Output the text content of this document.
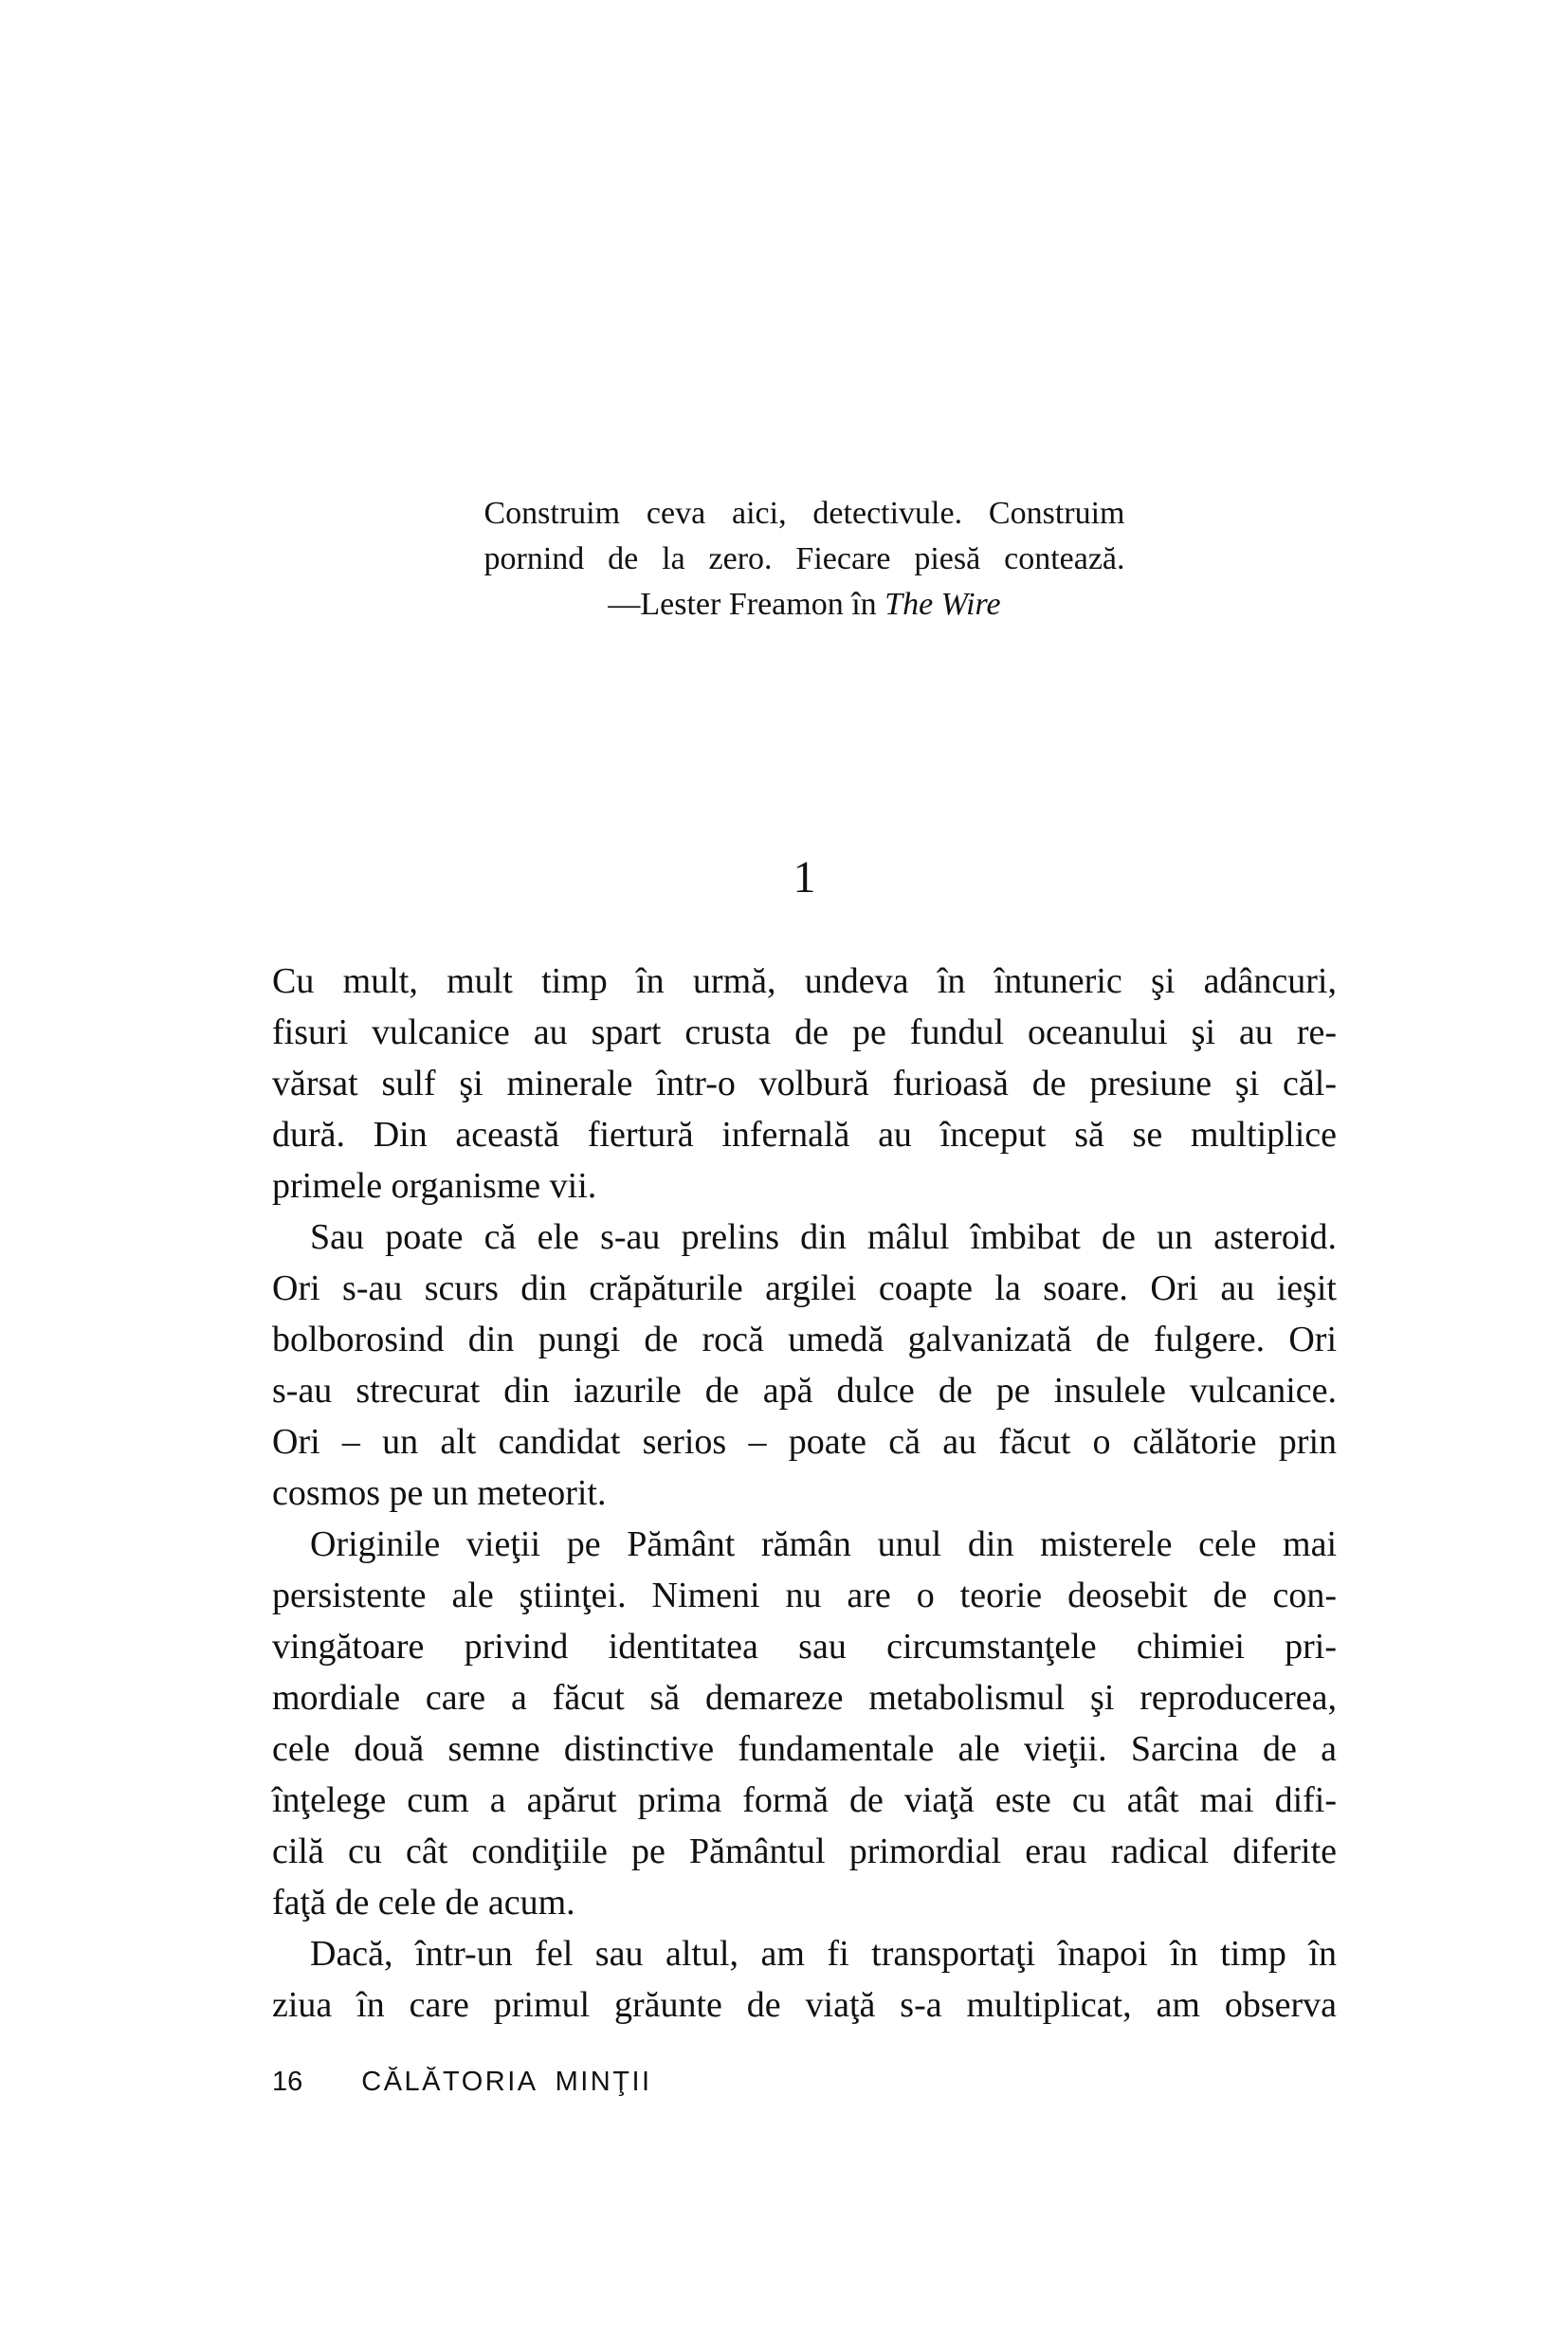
Construim ceva aici, detectivule. Construim
pornind de la zero. Fiecare piesă contează.
—Lester Freamon în The Wire
1
Cu mult, mult timp în urmă, undeva în întuneric şi adâncuri,
fisuri vulcanice au spart crusta de pe fundul oceanului şi au re-
vărsat sulf şi minerale într-o volbură furioasă de presiune şi căl-
dură. Din această fiertură infernală au început să se multiplice
primele organisme vii.
Sau poate că ele s-au prelins din mâlul îmbibat de un asteroid.
Ori s-au scurs din crăpăturile argilei coapte la soare. Ori au ieşit
bolborosind din pungi de rocă umedă galvanizată de fulgere. Ori
s-au strecurat din iazurile de apă dulce de pe insulele vulcanice.
Ori – un alt candidat serios – poate că au făcut o călătorie prin
cosmos pe un meteorit.
Originile vieţii pe Pământ rămân unul din misterele cele mai
persistente ale ştiinţei. Nimeni nu are o teorie deosebit de con-
vingătoare privind identitatea sau circumstanţele chimiei pri-
mordiale care a făcut să demareze metabolismul şi reproducerea,
cele două semne distinctive fundamentale ale vieţii. Sarcina de a
înţelege cum a apărut prima formă de viaţă este cu atât mai difi-
cilă cu cât condiţiile pe Pământul primordial erau radical diferite
faţă de cele de acum.
Dacă, într-un fel sau altul, am fi transportaţi înapoi în timp în
ziua în care primul grăunte de viaţă s-a multiplicat, am observa
16 CĂLĂTORIA MINŢII
